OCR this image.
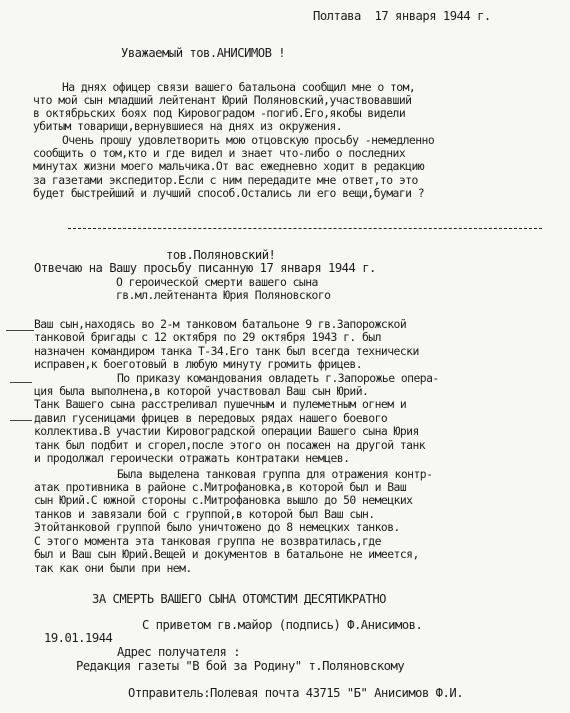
Полтава  17 января 1944 г.
Уважаемый тов.АНИСИМОВ !
На днях офицер связи вашего батальона сообщил мне о том,
что мой сын младший лейтенант Юрий Поляновский,участвовавший
в октябрьских боях под Кировоградом -погиб.Его,якобы видели
убитым товарищи,вернувшиеся на днях из окружения.
Очень прошу удовлетворить мою отцовскую просьбу -немедленно
сообщить о том,кто и где видел и знает что-либо о последних
минутах жизни моего мальчика.От вас ежедневно ходит в редакцию
за газетами экспедитор.Если с ним передадите мне ответ,то это
будет быстрейший и лучший способ.Остались ли его вещи,бумаги ?
тов.Поляновский!
Отвечаю на Вашу просьбу писанную 17 января 1944 г.
О героической смерти вашего сына
гв.мл.лейтенанта Юрия Поляновского
Ваш сын,находясь во 2-м танковом батальоне 9 гв.Запорожской
танковой бригады с 12 октября по 29 октября 1943 г. был
назначен командиром танка Т-34.Его танк был всегда технически
исправен,к боеготовый в любую минуту громить фрицев.
По приказу командования овладеть г.Запорожье опера-
ция была выполнена,в которой участвовал Ваш сын Юрий.
Танк Вашего сына расстреливал пушечным и пулеметным огнем и
давил гусеницами фрицев в передовых рядах нашего боевого
коллектива.В участии Кировоградской операции Вашего сына Юрия
танк был подбит и сгорел,после этого он посажен на другой танк
и продолжал героически отражать контратаки немцев.
Была выделена танковая группа для отражения контр-
атак противника в районе с.Митрофановка,в которой был и Ваш
сын Юрий.С южной стороны с.Митрофановка вышло до 50 немецких
танков и завязали бой с группой,в которой был Ваш сын.
Этойтанковой группой было уничтожено до 8 немецких танков.
С этого момента эта танковая группа не возвратилась,где
был и Ваш сын Юрий.Вещей и документов в батальоне не имеется,
так как они были при нем.
ЗА СМЕРТЬ ВАШЕГО СЫНА ОТОМСТИМ ДЕСЯТИКРАТНО
С приветом гв.майор (подпись) Ф.Анисимов.
19.01.1944
Адрес получателя :
Редакция газеты "В бой за Родину" т.Поляновскому
Отправитель:Полевая почта 43715 "Б" Анисимов Ф.И.
